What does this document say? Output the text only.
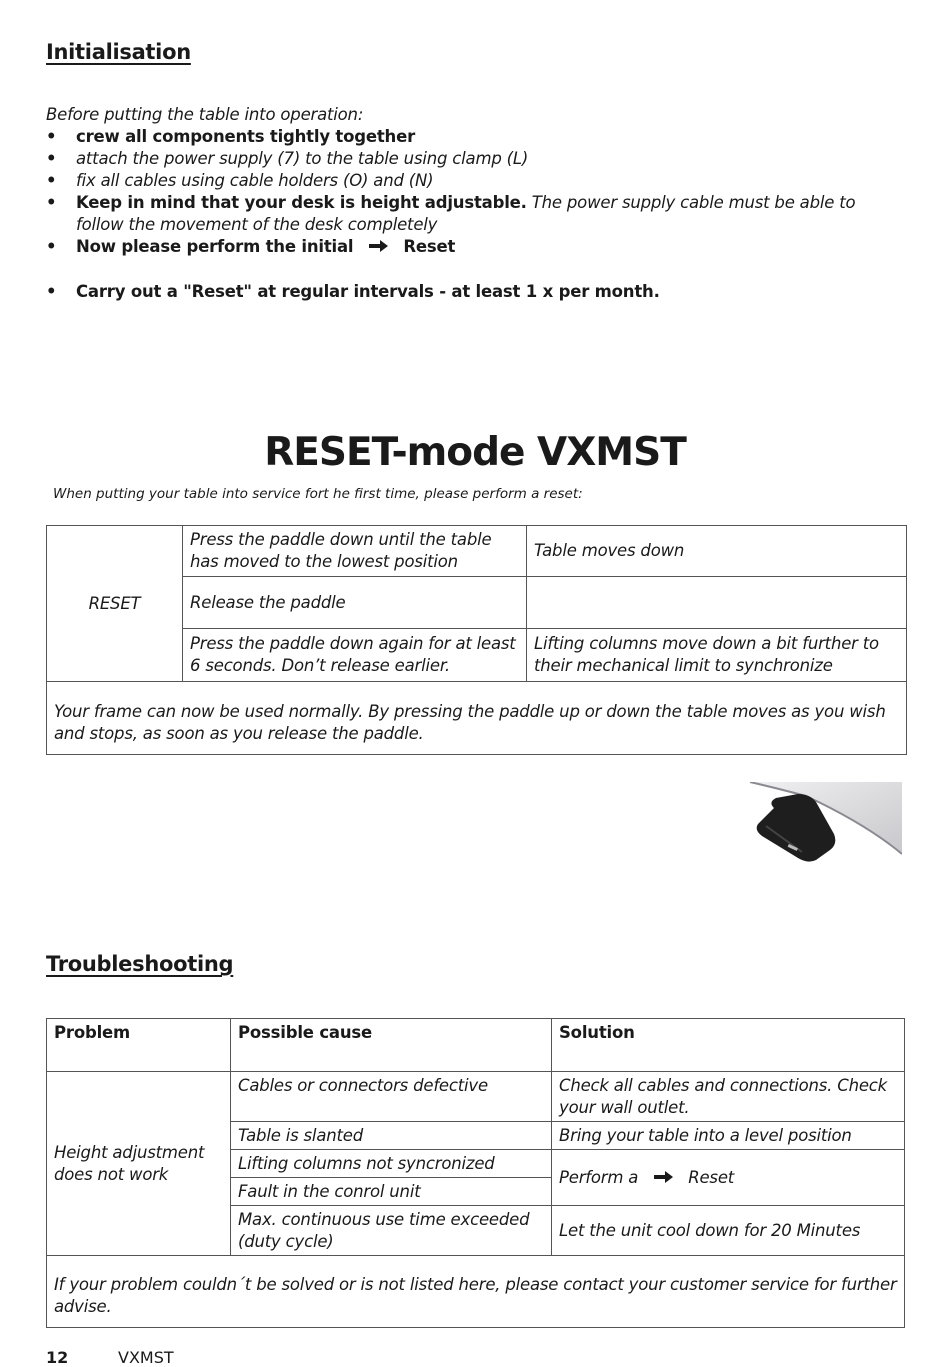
Initialisation
Before putting the table into operation:
• crew all components tightly together
• attach the power supply (7) to the table using clamp (L)
• fix all cables using cable holders (O) and (N)
• Keep in mind that your desk is height adjustable. The power supply cable must be able to follow the movement of the desk completely
• Now please perform the initial	Reset
• Carry out a "Reset" at regular intervals - at least 1 x per month.
RESET-mode VXMST
When putting your table into service fort he first time, please perform a reset:
RESET	Press the paddle down until the table has moved to the lowest position	Table moves down
	Release the paddle	
	Press the paddle down again for at least 6 seconds. Don’t release earlier.	Lifting columns move down a bit further to their mechanical limit to synchronize
Your frame can now be used normally. By pressing the paddle up or down the table moves as you wish and stops, as soon as you release the paddle.		
Troubleshooting
Problem	Possible cause	Solution
Height adjustment does not work	Cables or connectors defective	Check all cables and connections. Check your wall outlet.
	Table is slanted	Bring your table into a level position
	Lifting columns not syncronized	Perform a Reset
	Fault in the conrol unit	
	Max. continuous use time exceeded (duty cycle)	Let the unit cool down for 20 Minutes
If your problem couldn´t be solved or is not listed here, please contact your customer service for further advise.		
12	VXMST
